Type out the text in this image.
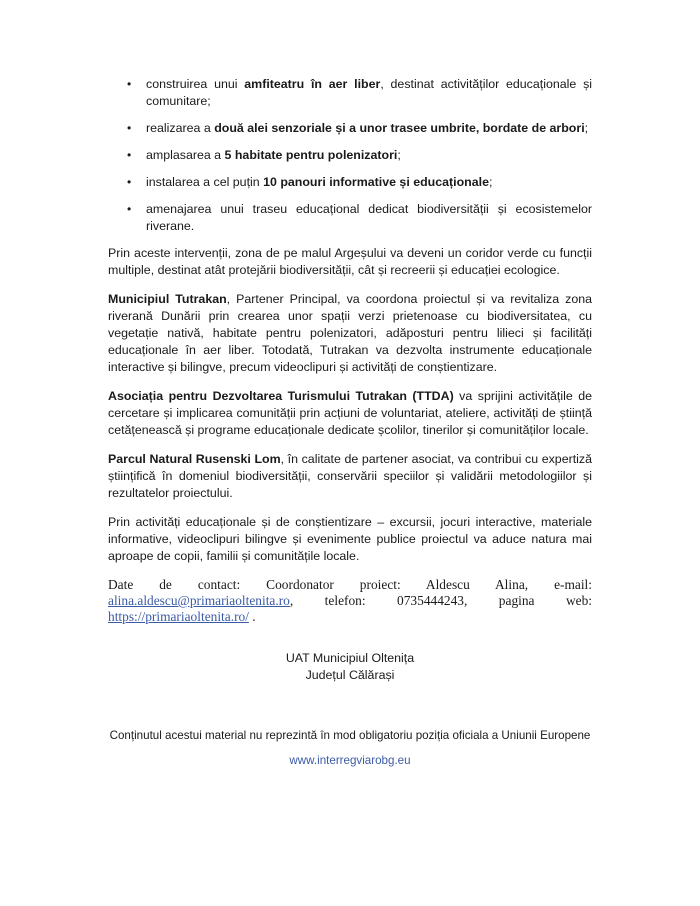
• construirea unui amfiteatru în aer liber, destinat activităților educaționale și comunitare;
• realizarea a două alei senzoriale și a unor trasee umbrite, bordate de arbori;
• amplasarea a 5 habitate pentru polenizatori;
• instalarea a cel puțin 10 panouri informative și educaționale;
• amenajarea unui traseu educațional dedicat biodiversității și ecosistemelor riverane.

Prin aceste intervenții, zona de pe malul Argeșului va deveni un coridor verde cu funcții multiple, destinat atât protejării biodiversității, cât și recreerii și educației ecologice.

Municipiul Tutrakan, Partener Principal, va coordona proiectul și va revitaliza zona riverană Dunării prin crearea unor spații verzi prietenoase cu biodiversitatea, cu vegetație nativă, habitate pentru polenizatori, adăposturi pentru lilieci și facilități educaționale în aer liber. Totodată, Tutrakan va dezvolta instrumente educaționale interactive și bilingve, precum videoclipuri și activități de conștientizare.

Asociația pentru Dezvoltarea Turismului Tutrakan (TTDA) va sprijini activitățile de cercetare și implicarea comunității prin acțiuni de voluntariat, ateliere, activități de știință cetățenească și programe educaționale dedicate școlilor, tinerilor și comunităților locale.

Parcul Natural Rusenski Lom, în calitate de partener asociat, va contribui cu expertiză științifică în domeniul biodiversității, conservării speciilor și validării metodologiilor și rezultatelor proiectului.

Prin activități educaționale și de conștientizare – excursii, jocuri interactive, materiale informative, videoclipuri bilingve și evenimente publice proiectul va aduce natura mai aproape de copii, familii și comunitățile locale.

Date de contact: Coordonator proiect: Aldescu Alina, e-mail:

alina.aldescu@primariaoltenita.ro, telefon: 0735444243, pagina web:

https://primariaoltenita.ro/ .

UAT Municipiul Oltenița
Județul Călărași
Conținutul acestui material nu reprezintă în mod obligatoriu poziția oficiala a Uniunii Europene
www.interregviarobg.eu
